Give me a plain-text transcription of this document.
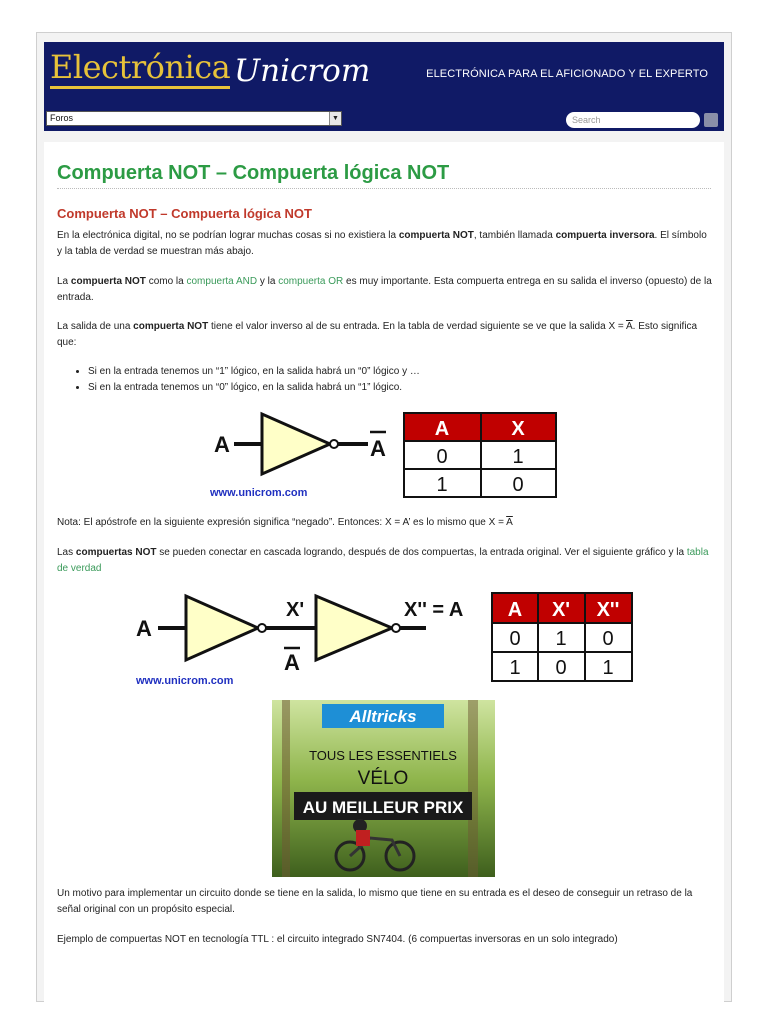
Electrónica Unicrom	ELECTRÓNICA PARA EL AFICIONADO Y EL EXPERTO
Foros	▼	Search
Compuerta NOT – Compuerta lógica NOT
Compuerta NOT – Compuerta lógica NOT

En la electrónica digital, no se podrían lograr muchas cosas si no existiera la compuerta NOT, también llamada compuerta inversora. El símbolo y la tabla de verdad se muestran más abajo.

La compuerta NOT como la compuerta AND y la compuerta OR es muy importante. Esta compuerta entrega en su salida el inverso (opuesto) de la entrada.

La salida de una compuerta NOT tiene el valor inverso al de su entrada. En la tabla de verdad siguiente se ve que la salida $X = \overline{A}$. Esto significa que:

• Si en la entrada tenemos un “1” lógico, en la salida habrá un “0” lógico y …
• Si en la entrada tenemos un “0” lógico, en la salida habrá un “1” lógico.
A	A
www.unicrom.com
A	X
0	1
1	0

Nota: El apóstrofe en la siguiente expresión significa “negado”. Entonces: X = A’ es lo mismo que $X = \overline{A}$

Las compuertas NOT se pueden conectar en cascada logrando, después de dos compuertas, la entrada original. Ver el siguiente gráfico y la tabla de verdad

A
X'
A
X'' = A
www.unicrom.com
A X' X''
0 1 0
1 0 1
Alltricks
TOUS LES ESSENTIELS
VÉLO
AU MEILLEUR PRIX

Un motivo para implementar un circuito donde se tiene en la salida, lo mismo que tiene en su entrada es el deseo de conseguir un retraso de la señal original con un propósito especial.

Ejemplo de compuertas NOT en tecnología TTL : el circuito integrado SN7404. (6 compuertas inversoras en un solo integrado)
